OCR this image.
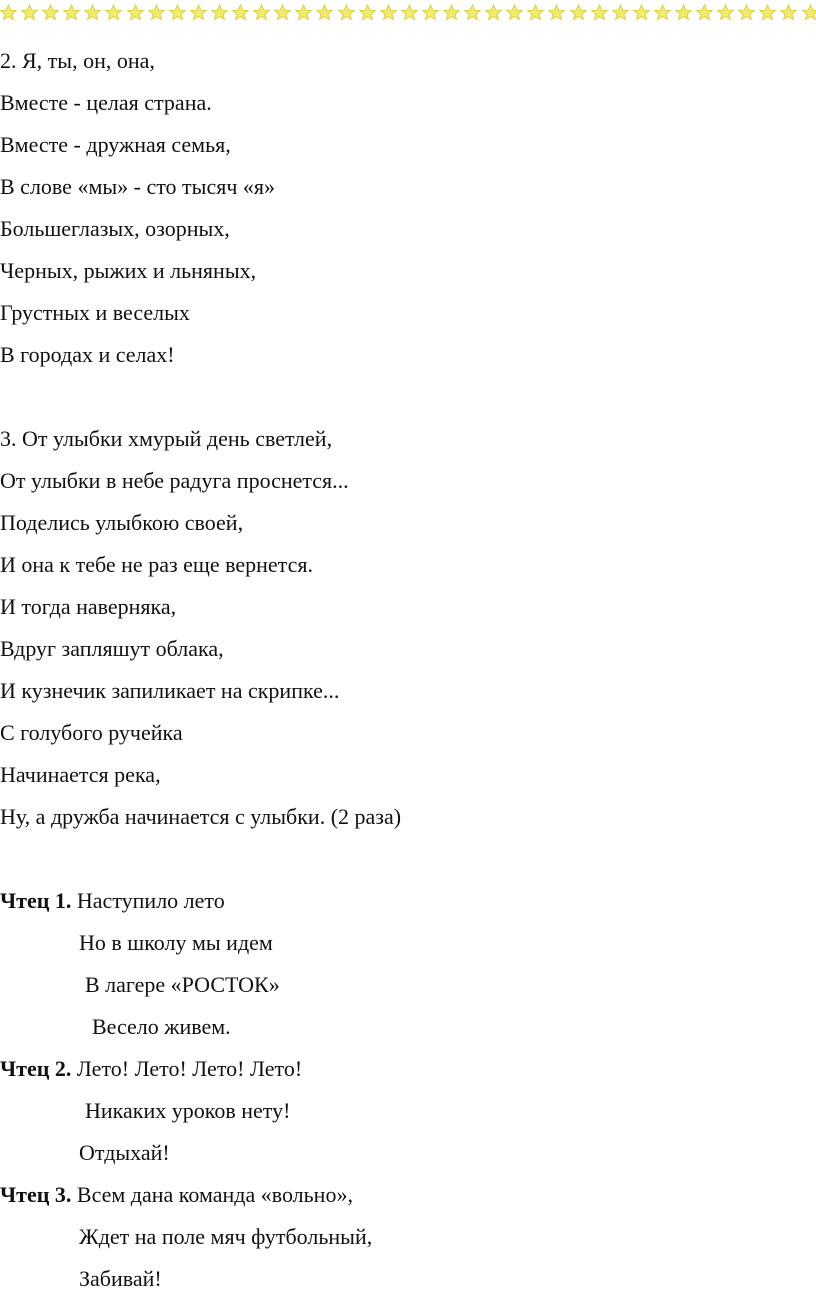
2. Я, ты, он, она,

Вместе - целая страна.

Вместе - дружная семья,

В слове «мы» - сто тысяч «я»

Большеглазых, озорных,

Черных, рыжих и льняных,

Грустных и веселых

В городах и селах!

3. От улыбки хмурый день светлей,

От улыбки в небе радуга проснется...

Поделись улыбкою своей,

И она к тебе не раз еще вернется.

И тогда наверняка,

Вдруг запляшут облака,

И кузнечик запиликает на скрипке...

С голубого ручейка

Начинается река,

Ну, а дружба начинается с улыбки. (2 раза)

Чтец 1. Наступило лето

Но в школу мы идем

В лагере «РОСТОК»

Весело живем.

Чтец 2. Лето! Лето! Лето! Лето!

Никаких уроков нету!

Отдыхай!

Чтец 3. Всем дана команда «вольно»,

Ждет на поле мяч футбольный,

Забивай!
